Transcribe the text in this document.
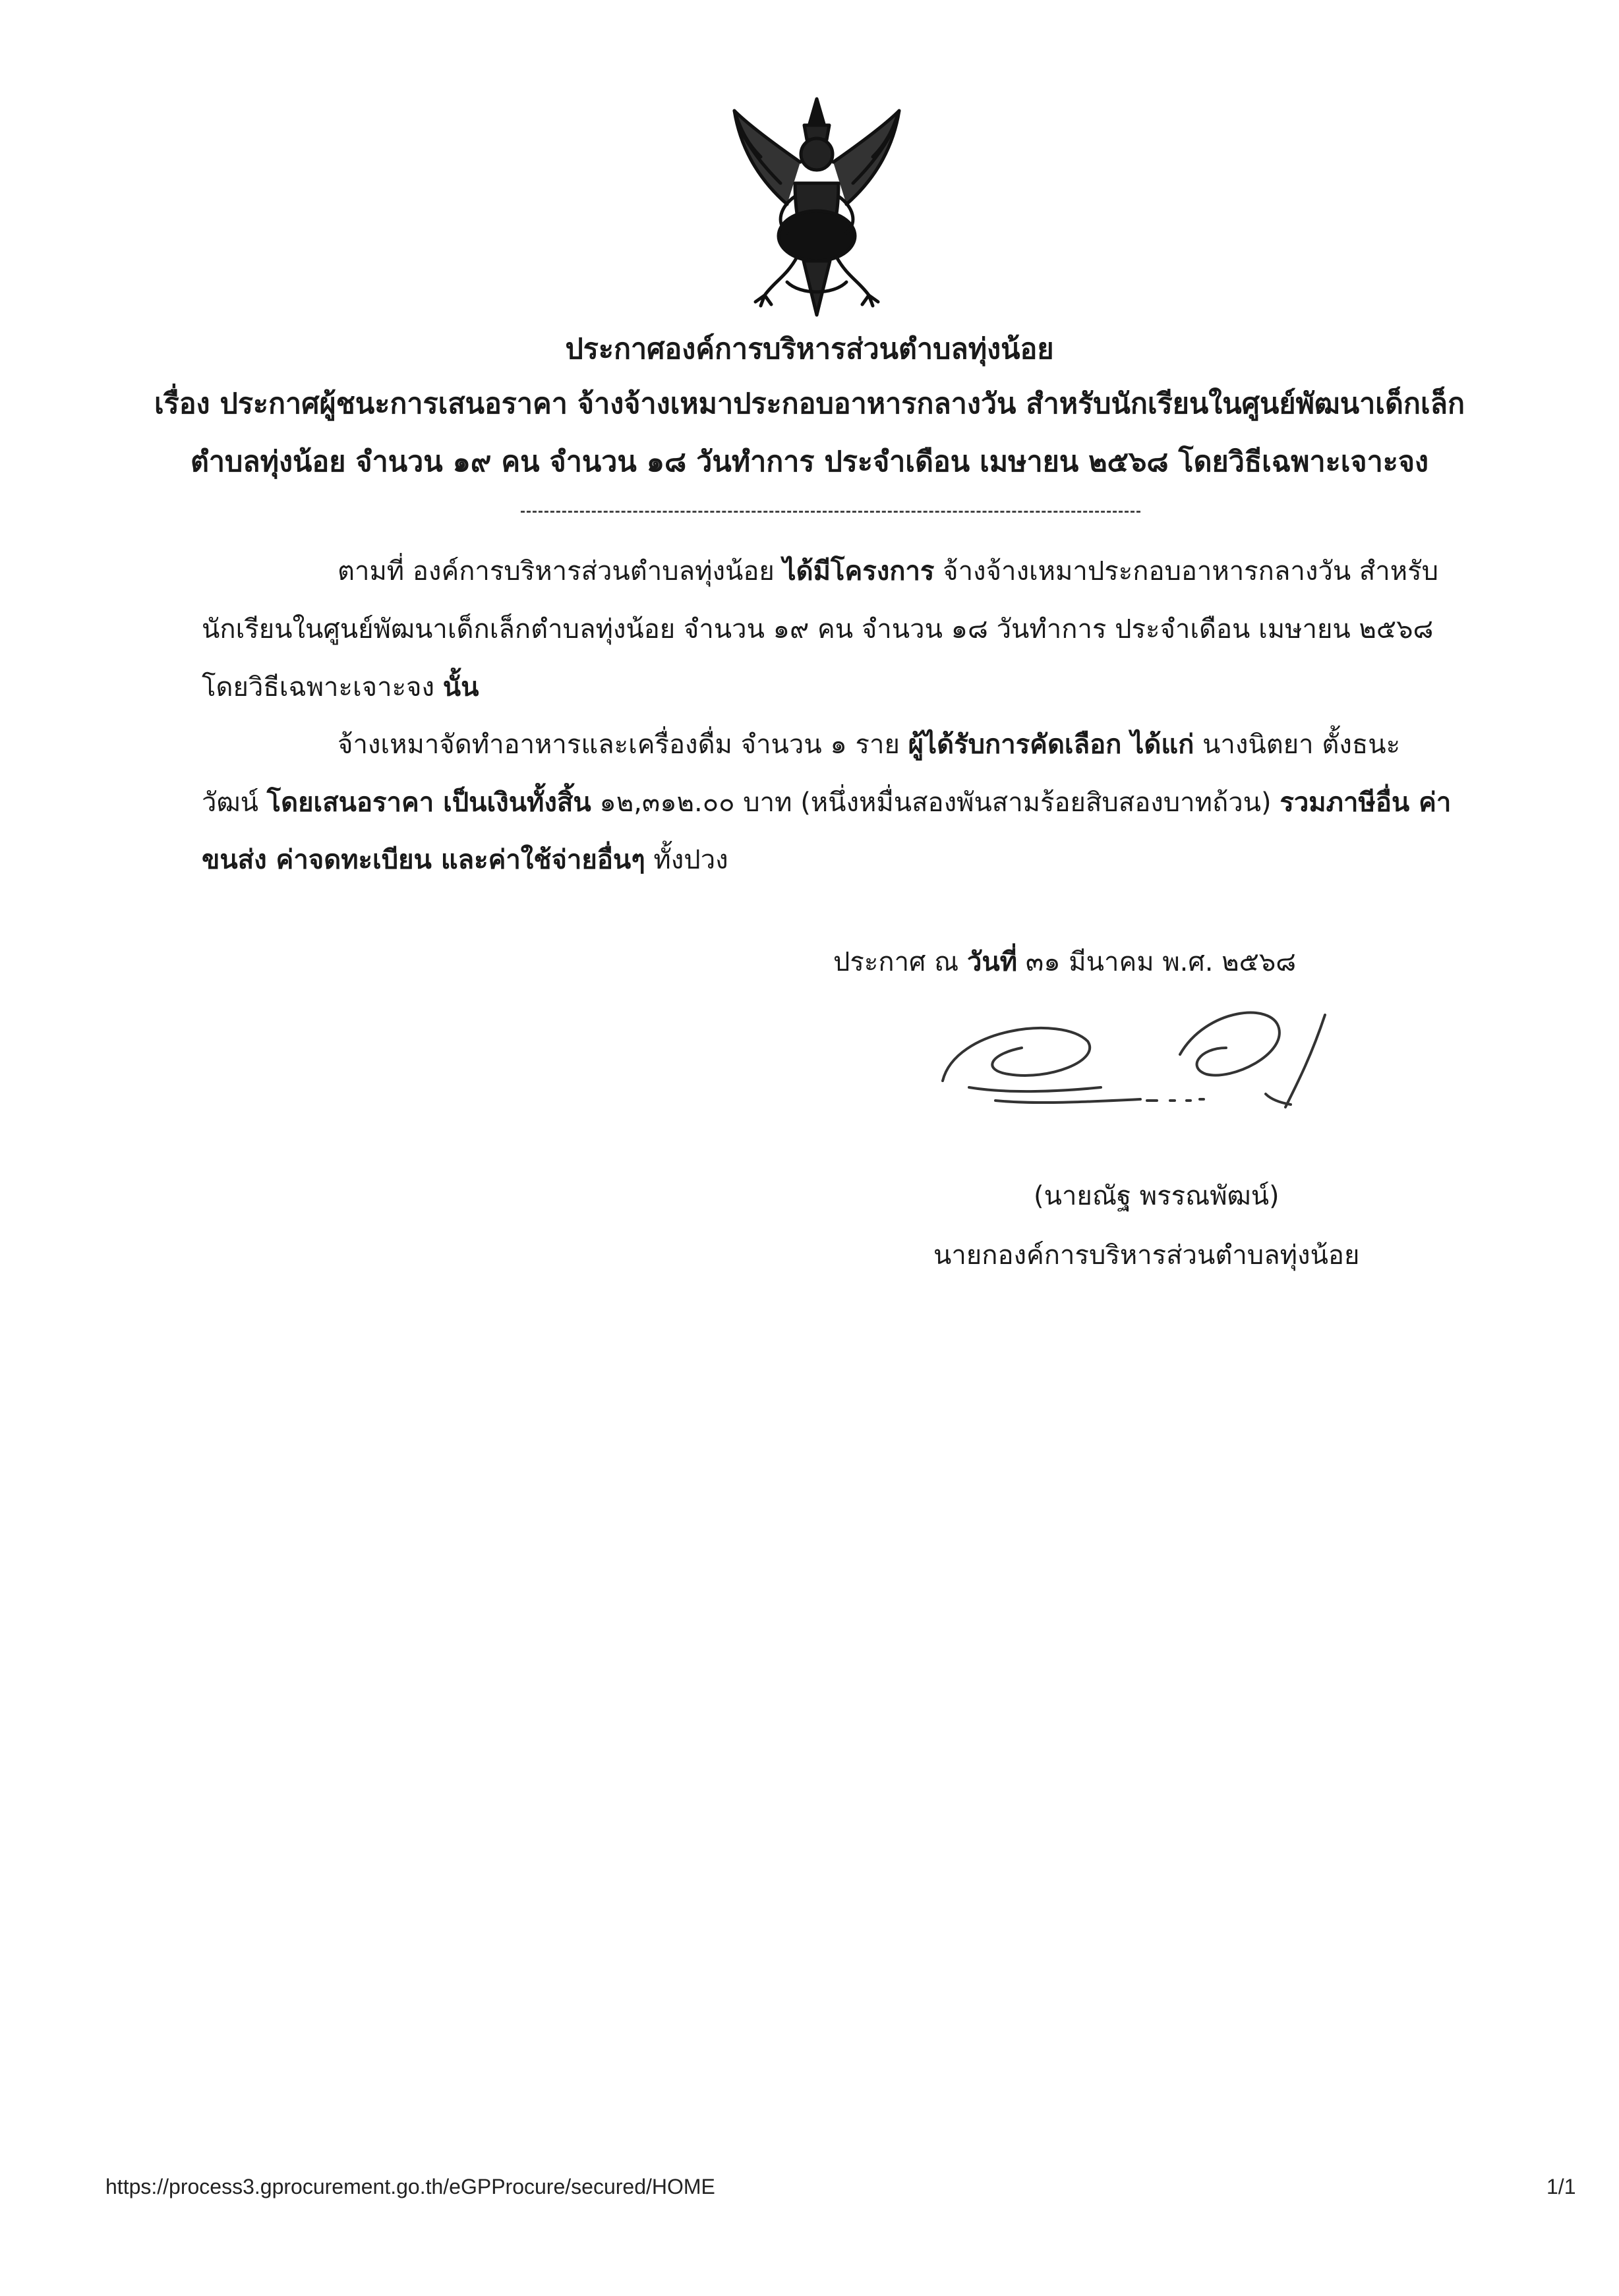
ประกาศองค์การบริหารส่วนตำบลทุ่งน้อย
เรื่อง ประกาศผู้ชนะการเสนอราคา จ้างจ้างเหมาประกอบอาหารกลางวัน สำหรับนักเรียนในศูนย์พัฒนาเด็กเล็ก
ตำบลทุ่งน้อย จำนวน ๑๙ คน จำนวน ๑๘ วันทำการ ประจำเดือน เมษายน ๒๕๖๘ โดยวิธีเฉพาะเจาะจง
ตามที่ องค์การบริหารส่วนตำบลทุ่งน้อย ได้มีโครงการ จ้างจ้างเหมาประกอบอาหารกลางวัน สำหรับ
นักเรียนในศูนย์พัฒนาเด็กเล็กตำบลทุ่งน้อย จำนวน ๑๙ คน จำนวน ๑๘ วันทำการ ประจำเดือน เมษายน ๒๕๖๘
โดยวิธีเฉพาะเจาะจง นั้น
จ้างเหมาจัดทำอาหารและเครื่องดื่ม จำนวน ๑ ราย ผู้ได้รับการคัดเลือก ได้แก่ นางนิตยา ตั้งธนะ
วัฒน์ โดยเสนอราคา เป็นเงินทั้งสิ้น ๑๒,๓๑๒.๐๐ บาท (หนึ่งหมื่นสองพันสามร้อยสิบสองบาทถ้วน) รวมภาษีอื่น ค่า
ขนส่ง ค่าจดทะเบียน และค่าใช้จ่ายอื่นๆ ทั้งปวง
ประกาศ ณ วันที่ ๓๑ มีนาคม พ.ศ. ๒๕๖๘
(นายณัฐ พรรณพัฒน์)
นายกองค์การบริหารส่วนตำบลทุ่งน้อย
https://process3.gprocurement.go.th/eGPProcure/secured/HOME	1/1
